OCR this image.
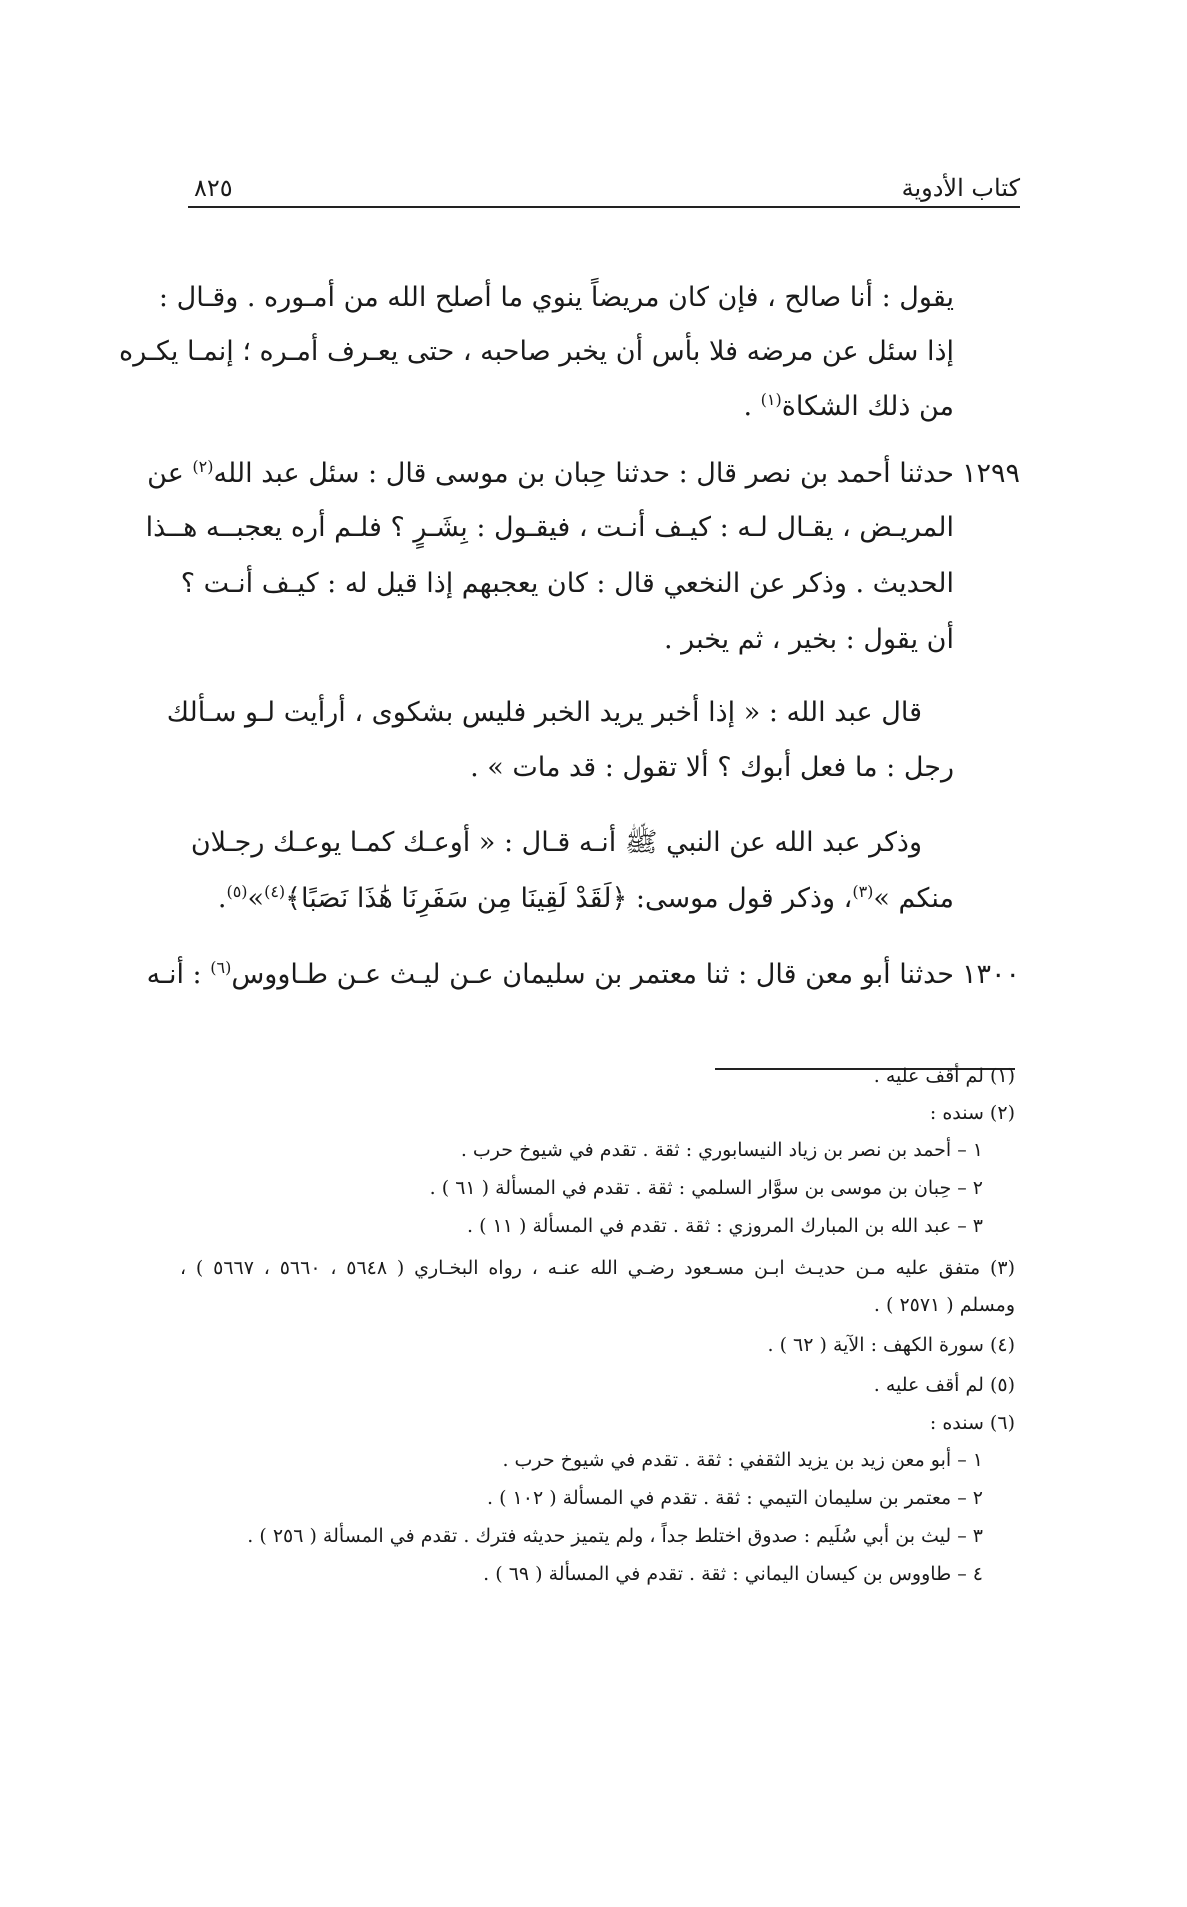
كتاب الأدوية
٨٢٥
يقول : أنا صالح ، فإن كان مريضاً ينوي ما أصلح الله من أمـوره . وقـال :
إذا سئل عن مرضه فلا بأس أن يخبر صاحبه ، حتى يعـرف أمـره ؛ إنمـا يكـره
من ذلك الشكاة$^{(١)}$ .
١٢٩٩
حدثنا أحمد بن نصر قال : حدثنا حِبان بن موسى قال : سئل عبد الله$^{(٢)}$ عن
المريـض ، يقـال لـه : كيـف أنـت ، فيقـول : بِشَـرٍ ؟ فلـم أره يعجبــه هــذا
الحديث . وذكر عن النخعي قال : كان يعجبهم إذا قيل له : كيـف أنـت ؟
أن يقول : بخير ، ثم يخبر .
قال عبد الله : « إذا أخبر يريد الخبر فليس بشكوى ، أرأيت لـو سـألك
رجل : ما فعل أبوك ؟ ألا تقول : قد مات » .
وذكر عبد الله عن النبي ﷺ أنـه قـال : « أوعـك كمـا يوعـك رجـلان
منكم »$^{(٣)}$، وذكر قول موسى: ﴿لَقَدْ لَقِينَا مِن سَفَرِنَا هَٰذَا نَصَبًا﴾$^{(٤)}$»$^{(٥)}$.
١٣٠٠
حدثنا أبو معن قال : ثنا معتمر بن سليمان عـن ليـث عـن طـاووس$^{(٦)}$ : أنـه
(١) لم أقف عليه .
(٢) سنده :
١ – أحمد بن نصر بن زياد النيسابوري : ثقة . تقدم في شيوخ حرب .
٢ – حِبان بن موسى بن سوَّار السلمي : ثقة . تقدم في المسألة ( ٦١ ) .
٣ – عبد الله بن المبارك المروزي : ثقة . تقدم في المسألة ( ١١ ) .
(٣) متفق عليه مـن حديـث ابـن مسـعود رضـي الله عنـه ، رواه البخـاري ( ٥٦٤٨ ، ٥٦٦٠ ، ٥٦٦٧ ) ،
ومسلم ( ٢٥٧١ ) .
(٤) سورة الكهف : الآية ( ٦٢ ) .
(٥) لم أقف عليه .
(٦) سنده :
١ – أبو معن زيد بن يزيد الثقفي : ثقة . تقدم في شيوخ حرب .
٢ – معتمر بن سليمان التيمي : ثقة . تقدم في المسألة ( ١٠٢ ) .
٣ – ليث بن أبي سُلَيم : صدوق اختلط جداً ، ولم يتميز حديثه فترك . تقدم في المسألة ( ٢٥٦ ) .
٤ – طاووس بن كيسان اليماني : ثقة . تقدم في المسألة ( ٦٩ ) .
